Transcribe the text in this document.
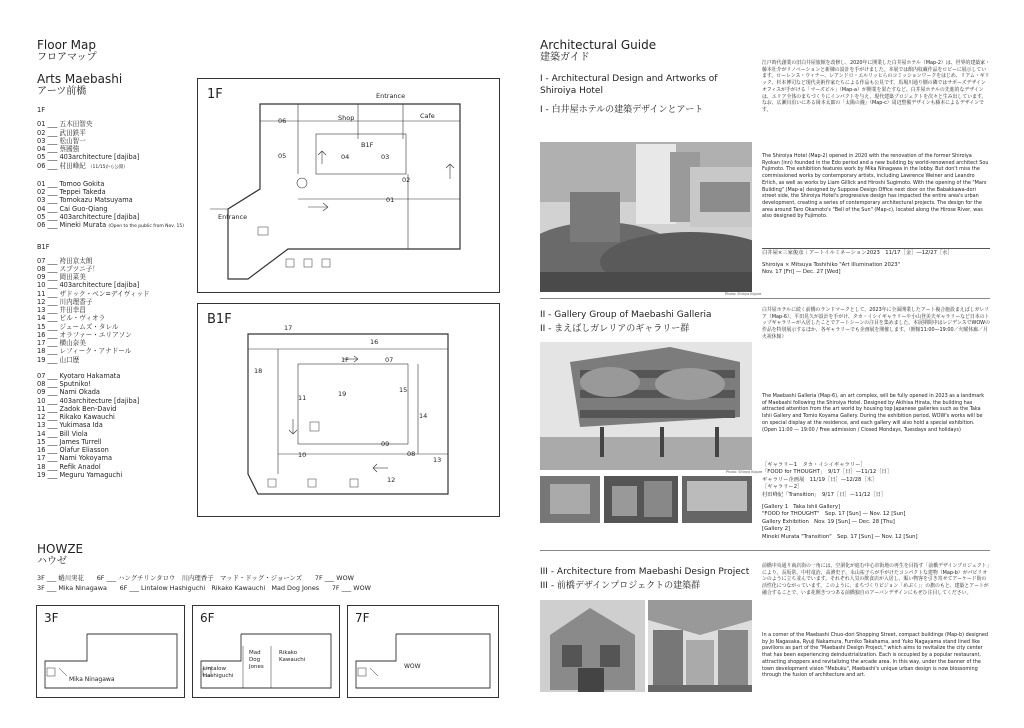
Floor Map
フロアマップ
Arts Maebashi
アーツ前橋
1F
01 ___ 五木田智央
02 ___ 武田鉄平
03 ___ 松山智一
04 ___ 蔡國強
05 ___ 403architecture [dajiba]
06 ___ 村田峰紀 （11/15から公開）
01 ___ Tomoo Gokita
02 ___ Teppei Takeda
03 ___ Tomokazu Matsuyama
04 ___ Cai Guo-Qiang
05 ___ 403architecture [dajiba]
06 ___ Mineki Murata (Open to the public from Nov. 15)
B1F
07 ___ 袴田京太朗
08 ___ スプツニ子！
09 ___ 岡田菜美
10 ___ 403architecture [dajiba]
11 ___ ザドック・ベン=デイヴィッド
12 ___ 川内理香子
13 ___ 井田幸昌
14 ___ ビル・ヴィオラ
15 ___ ジェームズ・タレル
16 ___ オラファー・エリアソン
17 ___ 横山奈美
18 ___ レフィーク・アナドール
19 ___ 山口歴
07 ___ Kyotaro Hakamata
08 ___ Sputniko!
09 ___ Nami Okada
10 ___ 403architecture [dajiba]
11 ___ Zadok Ben-David
12 ___ Rikako Kawauchi
13 ___ Yukimasa Ida
14 ___ Bill Viola
15 ___ James Turrell
16 ___ Olafur Eliasson
17 ___ Nami Yokoyama
18 ___ Refik Anadol
19 ___ Meguru Yamaguchi
1F	Entrance
Entrance
Shop	Cafe
B1F
06
05	04	03
02
01
B1F
17
16
07
18
19
11
15
14
10
09
08
13
12
1F
HOWZE
ハウゼ
3F ___ 蜷川実花　　6F ___ ハングチリンタロウ　川内理香子　マッド・ドッグ・ジョーンズ　　7F ___ WOW
3F ___ Mika Ninagawa　　6F ___ Lintalow Hashiguchi　Rikako Kawauchi　Mad Dog Jones　　7F ___ WOW
3F
Mika Ninagawa
6F
Lintalow Hashiguchi
Mad Dog Jones
Rikako Kawauchi
7F
WOW
Architectural Guide
建築ガイド
I - Architectural Design and Artworks of Shiroiya Hotel
I - 白井屋ホテルの建築デザインとアート
Photo: Shinya Kigure
江戸時代創業の旧白井屋旅館を改修し、2020年に開業した白井屋ホテル（Map-2）は、世界的建築家・藤本壮介がリノベーションと新棟の設計を手がけました。本展では館内収蔵作品をロビーに展示しています。ローレンス・ウィナー、レアンドロ・エルリッヒらのコミッションワークをはじめ、リアム・ギリック、杉本博司など現代美術作家たちによる作品も公見です。馬場川通り側の隣ではサポーズデザインオフィスが手がける「マーズビル」（Map-a）が開業を果たすなど、白井屋ホテルの先進的なデザインは、エリア全体のまちづくりにインパクトを与え、現代建築プロジェクトを次々と生み出しています。なお、広瀬川沿いにある岡本太郎の「太陽の鐘」（Map-c）周辺整備デザインも藤本によるデザインです。
The Shiroiya Hotel (Map-2) opened in 2020 with the renovation of the former Shiroiya Ryokan (inn) founded in the Edo period and a new building by world-renowned architect Sou Fujimoto. The exhibition features work by Mika Ninagawa in the lobby. But don't miss the commissioned works by contemporary artists, including Lawrence Weiner and Leandro Erlich, as well as works by Liam Gillick and Hiroshi Sugimoto. With the opening of the "Mars Building" (Map-a) designed by Suppose Design Office next door on the Babakkawa-dori street side, the Shiroiya Hotel's progressive design has impacted the entire area's urban development, creating a series of contemporary architectural projects. The design for the area around Taro Okamoto's "Bell of the Sun" (Map-c), located along the Hirose River, was also designed by Fujimoto.
白井屋×三家俊彦｜アートイルミネーション2023　11/17［金］―12/27［水］
Shiroiya × Mitsuya Toshihiko "Art Illumination 2023"
Nov. 17 [Fri] — Dec. 27 [Wed]
II - Gallery Group of Maebashi Galleria
II - まえばしガレリアのギャラリー群
Photo: Shinya Kigure
白井屋ホテルに続く前橋のランドマークとして、2023年に全面開業したアート複合施設まえばしガレリア（Map-6）。平田晃久が設計を手がけ、タカ・イシイギャラリーや小山登美夫ギャラリーなど日本のトップギャラリーが入居したことでアートシーンの注目を集めました。本展期間中はレジデンスでWOWの作品を特別展示するほか、各ギャラリーでも企画展を開催します。（開館11:00—19:00／火曜休廊／月火祝休館）
The Maebashi Galleria (Map-6), an art complex, will be fully opened in 2023 as a landmark of Maebashi following the Shiroiya Hotel. Designed by Akihisa Hirata, the building has attracted attention from the art world by housing top Japanese galleries such as the Taka Ishii Gallery and Tomio Koyama Gallery. During the exhibition period, WOW's works will be on special display at the residence, and each gallery will also hold a special exhibition. (Open 11:00 — 19:00 / Free admission / Closed Mondays, Tuesdays and holidays)
［ギャラリー1　タカ・イシイギャラリー］
「FOOD for THOUGHT」　9/17［日］—11/12［日］
ギャラリー企画展　11/19［日］—12/28［木］
［ギャラリー2］
村田峰紀「Transition」　9/17［日］—11/12［日］
[Gallery 1　Taka Ishii Gallery]
"FOOD for THOUGHT"　Sep. 17 [Sun] — Nov. 12 [Sun]
Gallery Exhibition　Nov. 19 [Sun] — Dec. 28 [Thu]
[Gallery 2]
Mineki Murata "Transition"　Sep. 17 [Sun] — Nov. 12 [Sun]
III - Architecture from Maebashi Design Project
III - 前橋デザインプロジェクトの建築群
前橋中央通り商店街の一角には、空洞化が進む中心市街地の再生を目指す「前橋デザインプロジェクト」により、長坂常、中村竜治、高濱史子、永山祐子らが手がけたコンパクトな建物（Map-b）がパビリオンのように立ち並んでいます。それぞれ人気の飲食店が入居し、賑い物客を引き寄せてアーケード街の活性化につながっています。このように、まちづくりビジョン「めぶく」」の旗のもと、建築とアートが融合することで、いま花開きつつある前橋独自のアーバンデザインにもぜひ注目してください。
In a corner of the Maebashi Chuo-dori Shopping Street, compact buildings (Map-b) designed by Jo Nagasaka, Ryuji Nakamura, Fumiko Takahama, and Yuko Nagayama stand lined like pavilions as part of the "Maebashi Design Project," which aims to revitalize the city center that has been experiencing deindustrialization. Each is occupied by a popular restaurant, attracting shoppers and revitalizing the arcade area. In this way, under the banner of the town development vision "Mebuku", Maebashi's unique urban design is now blossoming through the fusion of architecture and art.
